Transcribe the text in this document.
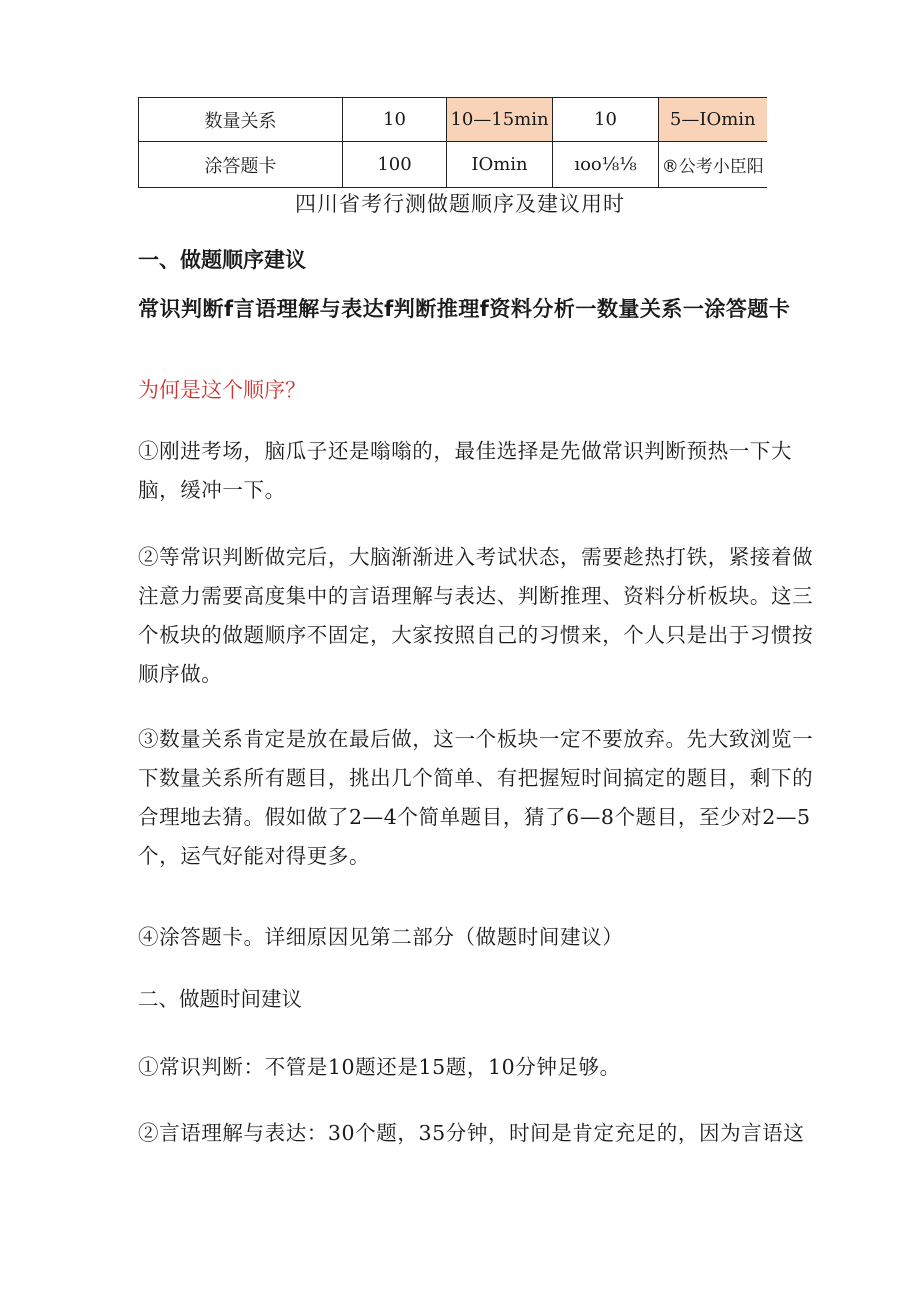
数量关系	10	10—15min	10	5—IOmin
涂答题卡	100	IOmin	ıoo⅛⅛	®公考小臣阳
四川省考行测做题顺序及建议用时
一、做题顺序建议
常识判断f言语理解与表达f判断推理f资料分析一数量关系一涂答题卡
为何是这个顺序？
①刚进考场，脑瓜子还是嗡嗡的，最佳选择是先做常识判断预热一下大脑，缓冲一下。
②等常识判断做完后，大脑渐渐进入考试状态，需要趁热打铁，紧接着做注意力需要高度集中的言语理解与表达、判断推理、资料分析板块。这三个板块的做题顺序不固定，大家按照自己的习惯来，个人只是出于习惯按顺序做。
③数量关系肯定是放在最后做，这一个板块一定不要放弃。先大致浏览一下数量关系所有题目，挑出几个简单、有把握短时间搞定的题目，剩下的合理地去猜。假如做了2—4个简单题目，猜了6—8个题目，至少对2—5个，运气好能对得更多。
④涂答题卡。详细原因见第二部分（做题时间建议）
二、做题时间建议
①常识判断：不管是10题还是15题，10分钟足够。
②言语理解与表达：30个题，35分钟，时间是肯定充足的，因为言语这
